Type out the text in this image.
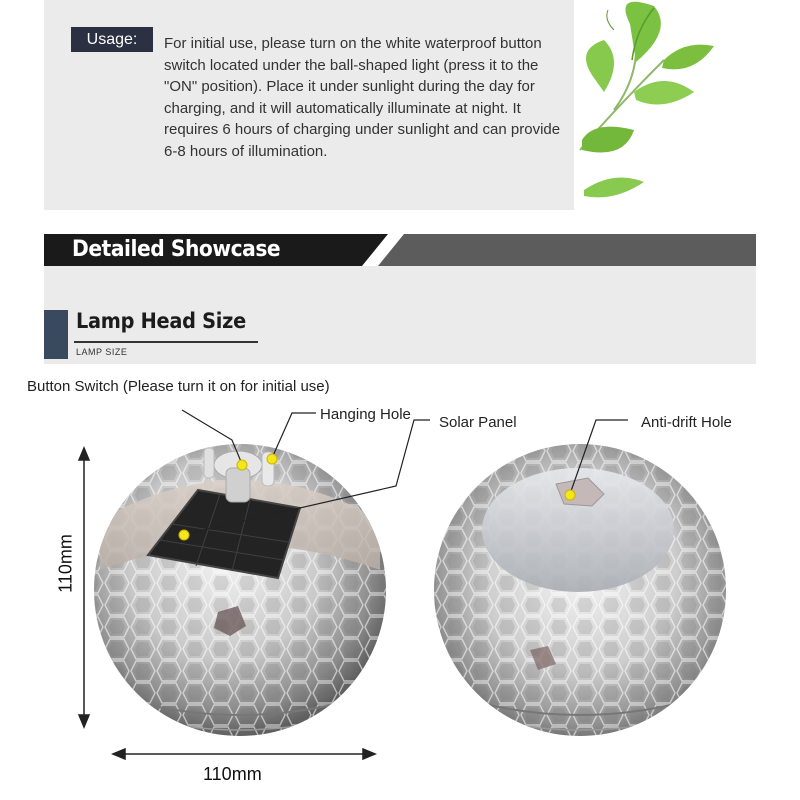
Usage:	For initial use, please turn on the white waterproof button switch located under the ball-shaped light (press it to the "ON" position). Place it under sunlight during the day for charging, and it will automatically illuminate at night. It requires 6 hours of charging under sunlight and can provide 6-8 hours of illumination.
Detailed Showcase
Lamp Head Size
LAMP SIZE
Button Switch (Please turn it on for initial use)
Hanging Hole Solar Panel	Anti-drift Hole
110mm
110mm
